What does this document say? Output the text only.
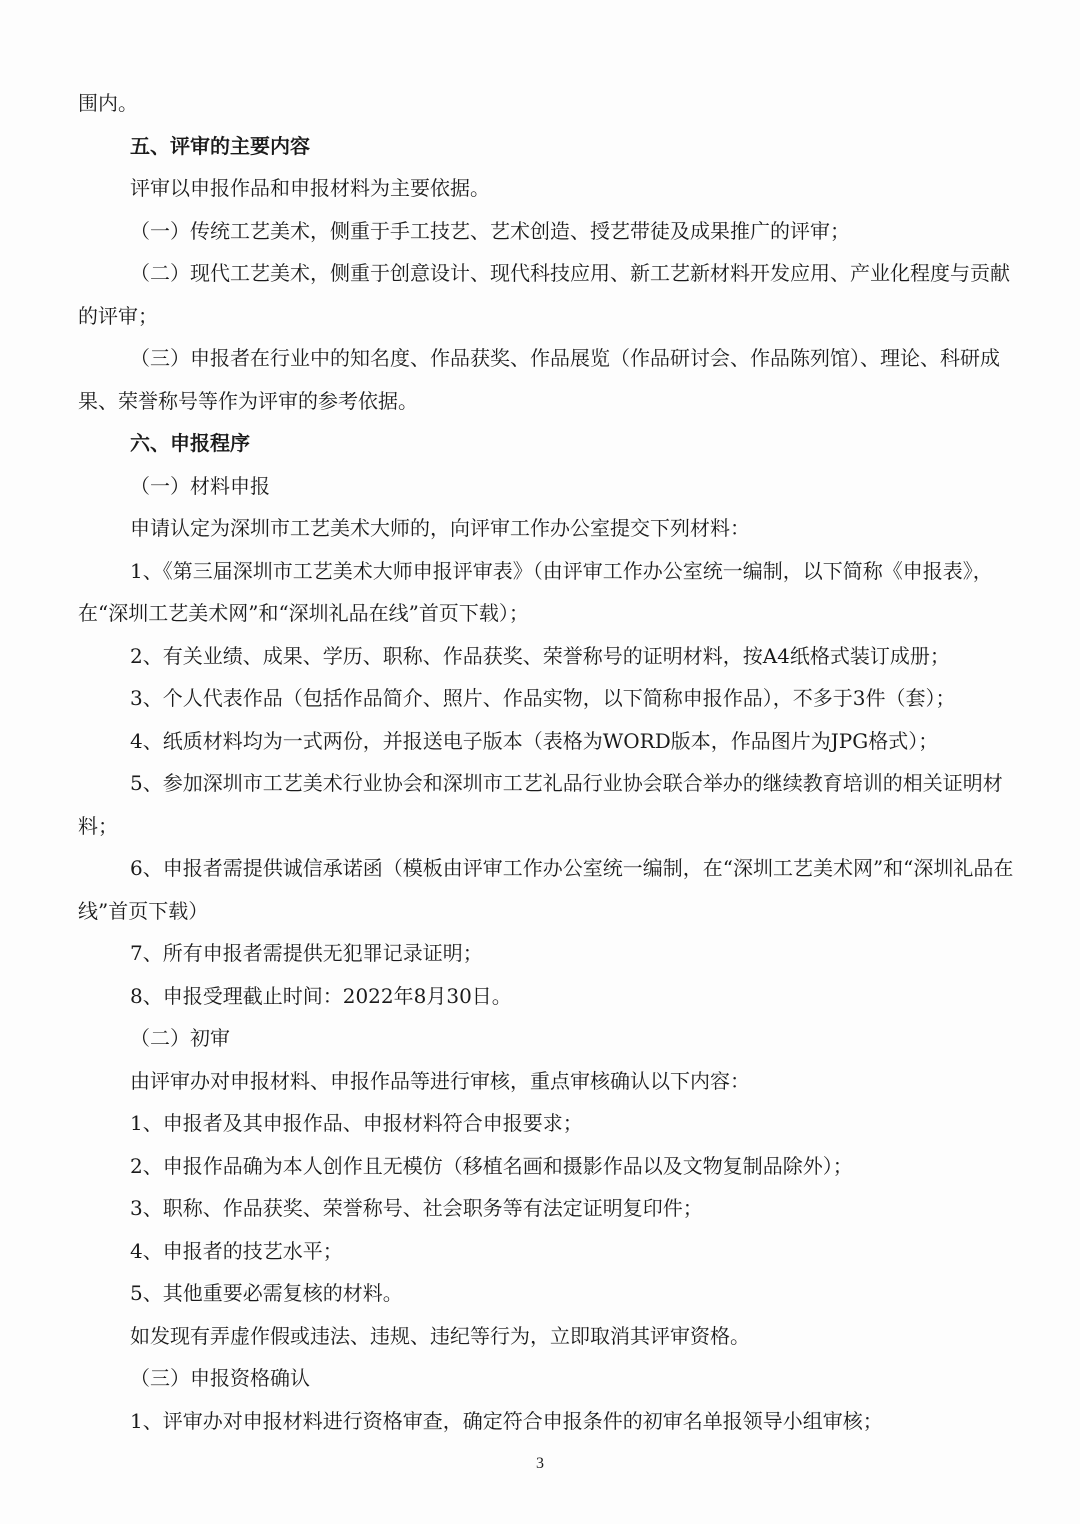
围内。

五、评审的主要内容

评审以申报作品和申报材料为主要依据。

（一）传统工艺美术，侧重于手工技艺、艺术创造、授艺带徒及成果推广的评审；

（二）现代工艺美术，侧重于创意设计、现代科技应用、新工艺新材料开发应用、产业化程度与贡献的评审；

（三）申报者在行业中的知名度、作品获奖、作品展览（作品研讨会、作品陈列馆）、理论、科研成果、荣誉称号等作为评审的参考依据。

六、申报程序

（一）材料申报

申请认定为深圳市工艺美术大师的，向评审工作办公室提交下列材料：

1、《第三届深圳市工艺美术大师申报评审表》（由评审工作办公室统一编制，以下简称《申报表》，在“深圳工艺美术网”和“深圳礼品在线”首页下载）；

2、有关业绩、成果、学历、职称、作品获奖、荣誉称号的证明材料，按A4纸格式装订成册；

3、个人代表作品（包括作品简介、照片、作品实物，以下简称申报作品），不多于3件（套）；

4、纸质材料均为一式两份，并报送电子版本（表格为WORD版本，作品图片为JPG格式）；

5、参加深圳市工艺美术行业协会和深圳市工艺礼品行业协会联合举办的继续教育培训的相关证明材料；

6、申报者需提供诚信承诺函（模板由评审工作办公室统一编制，在“深圳工艺美术网”和“深圳礼品在线”首页下载）

7、所有申报者需提供无犯罪记录证明；

8、申报受理截止时间：2022年8月30日。

（二）初审

由评审办对申报材料、申报作品等进行审核，重点审核确认以下内容：

1、申报者及其申报作品、申报材料符合申报要求；

2、申报作品确为本人创作且无模仿（移植名画和摄影作品以及文物复制品除外）；

3、职称、作品获奖、荣誉称号、社会职务等有法定证明复印件；

4、申报者的技艺水平；

5、其他重要必需复核的材料。

如发现有弄虚作假或违法、违规、违纪等行为，立即取消其评审资格。

（三）申报资格确认

1、评审办对申报材料进行资格审查，确定符合申报条件的初审名单报领导小组审核；

3
